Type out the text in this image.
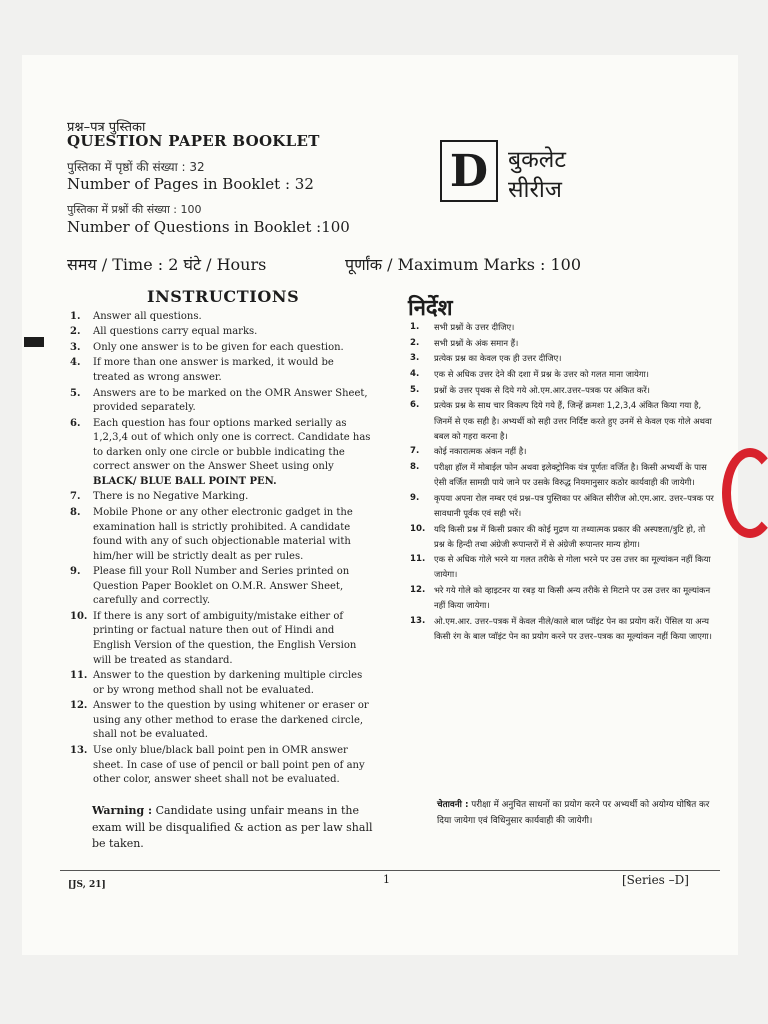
प्रश्न–पत्र पुस्तिका
QUESTION PAPER BOOKLET
पुस्तिका में पृष्ठों की संख्या : 32
Number of Pages in Booklet : 32
पुस्तिका में प्रश्नों की संख्या : 100
Number of Questions in Booklet :100
D बुकलेट
सीरीज
समय / Time : 2 घंटे / Hours	पूर्णांक / Maximum Marks : 100
INSTRUCTIONS	निर्देश
1. Answer all questions.
2. All questions carry equal marks.
3. Only one answer is to be given for each question.
4. If more than one answer is marked, it would be treated as wrong answer.
5. Answers are to be marked on the OMR Answer Sheet, provided separately.
6. Each question has four options marked serially as 1,2,3,4 out of which only one is correct. Candidate has to darken only one circle or bubble indicating the correct answer on the Answer Sheet using only BLACK/ BLUE BALL POINT PEN.
7. There is no Negative Marking.
8. Mobile Phone or any other electronic gadget in the examination hall is strictly prohibited. A candidate found with any of such objectionable material with him/her will be strictly dealt as per rules.
9. Please fill your Roll Number and Series printed on Question Paper Booklet on O.M.R. Answer Sheet, carefully and correctly.
10. If there is any sort of ambiguity/mistake either of printing or factual nature then out of Hindi and English Version of the question, the English Version will be treated as standard.
11. Answer to the question by darkening multiple circles or by wrong method shall not be evaluated.
12. Answer to the question by using whitener or eraser or using any other method to erase the darkened circle, shall not be evaluated.
13. Use only blue/black ball point pen in OMR answer sheet. In case of use of pencil or ball point pen of any other color, answer sheet shall not be evaluated.
1. सभी प्रश्नों के उत्तर दीजिए।
2. सभी प्रश्नों के अंक समान हैं।
3. प्रत्येक प्रश्न का केवल एक ही उत्तर दीजिए।
4. एक से अधिक उत्तर देने की दशा में प्रश्न के उत्तर को गलत माना जायेगा।
5. प्रश्नों के उत्तर पृथक से दिये गये ओ.एम.आर.उत्तर–पत्रक पर अंकित करें।
6. प्रत्येक प्रश्न के साथ चार विकल्प दिये गये हैं, जिन्हें क्रमशः 1,2,3,4 अंकित किया गया है, जिनमें से एक सही है। अभ्यर्थी को सही उत्तर निर्दिष्ट करते हुए उनमें से केवल एक गोले अथवा बबल को गहरा करना है।
7. कोई नकारात्मक अंकन नहीं है।
8. परीक्षा हॉल में मोबाईल फोन अथवा इलेक्ट्रोनिक यंत्र पूर्णतः वर्जित है। किसी अभ्यर्थी के पास ऐसी वर्जित सामग्री पाये जाने पर उसके विरुद्ध नियमानुसार कठोर कार्यवाही की जायेगी।
9. कृपया अपना रोल नम्बर एवं प्रश्न–पत्र पुस्तिका पर अंकित सीरीज ओ.एम.आर. उत्तर–पत्रक पर सावधानी पूर्वक एवं सही भरें।
10. यदि किसी प्रश्न में किसी प्रकार की कोई मुद्रण या तथ्यात्मक प्रकार की अस्पष्टता/त्रुटि हो, तो प्रश्न के हिन्दी तथा अंग्रेजी रूपान्तरों में से अंग्रेजी रूपान्तर मान्य होगा।
11. एक से अधिक गोले भरने या गलत तरीके से गोला भरने पर उस उत्तर का मूल्यांकन नहीं किया जायेगा।
12. भरे गये गोले को व्हाइटनर या रबड़ या किसी अन्य तरीके से मिटाने पर उस उत्तर का मूल्यांकन नहीं किया जायेगा।
13. ओ.एम.आर. उत्तर–पत्रक में केवल नीले/काले बाल प्वॉइंट पेन का प्रयोग करें। पेंसिल या अन्य किसी रंग के बाल प्वॉइंट पेन का प्रयोग करने पर उत्तर–पत्रक का मूल्यांकन नहीं किया जाएगा।
Warning : Candidate using unfair means in the exam will be disqualified & action as per law shall be taken.
चेतावनी : परीक्षा में अनुचित साधनों का प्रयोग करने पर अभ्यर्थी को अयोग्य घोषित कर दिया जायेगा एवं विधिनुसार कार्यवाही की जायेगी।
[JS, 21]	1	[Series –D]
